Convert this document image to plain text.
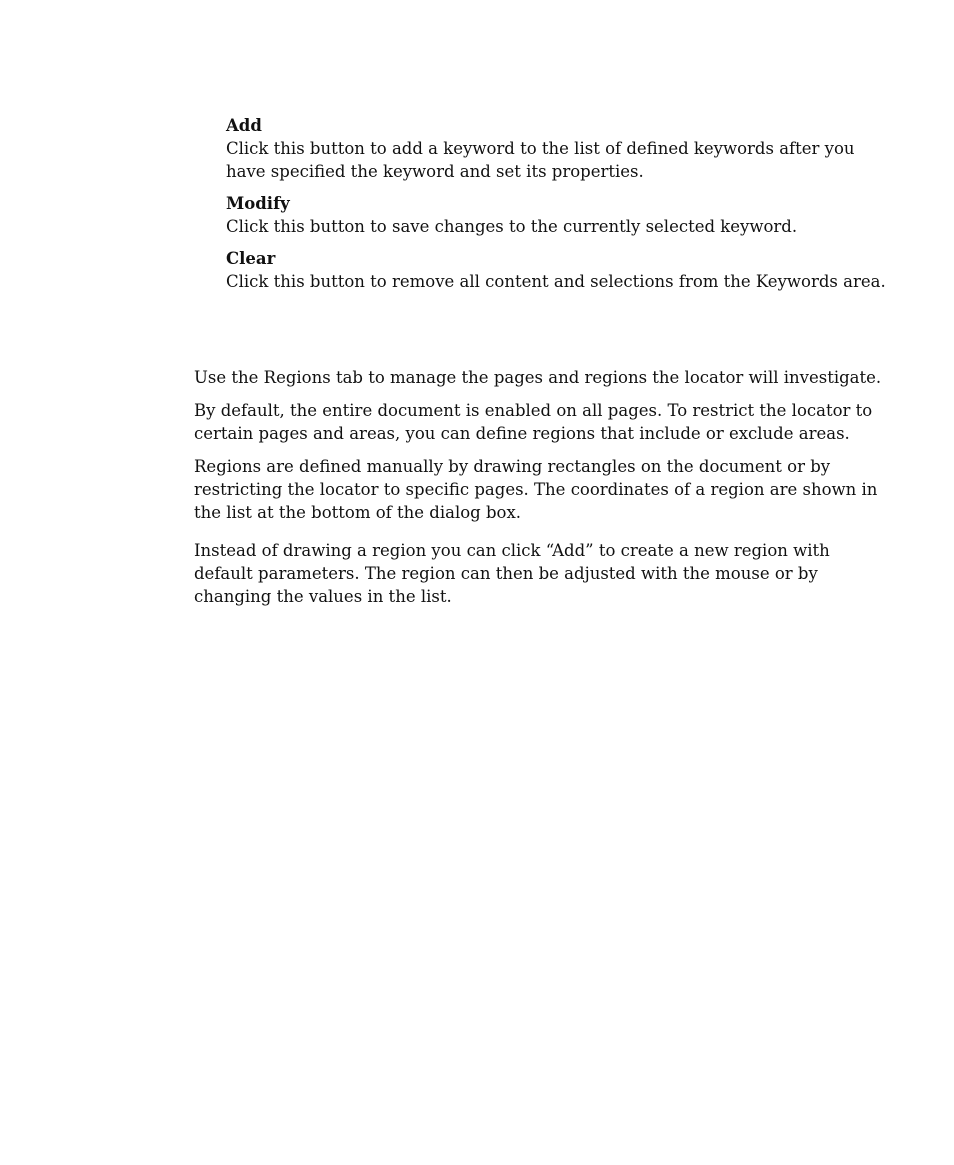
Add

Click this button to add a keyword to the list of defined keywords after you have specified the keyword and set its properties.

Modify

Click this button to save changes to the currently selected keyword.

Clear

Click this button to remove all content and selections from the Keywords area.

Use the Regions tab to manage the pages and regions the locator will investigate.

By default, the entire document is enabled on all pages. To restrict the locator to certain pages and areas, you can define regions that include or exclude areas.

Regions are defined manually by drawing rectangles on the document or by restricting the locator to specific pages. The coordinates of a region are shown in the list at the bottom of the dialog box.

Instead of drawing a region you can click “Add” to create a new region with default parameters. The region can then be adjusted with the mouse or by changing the values in the list.
